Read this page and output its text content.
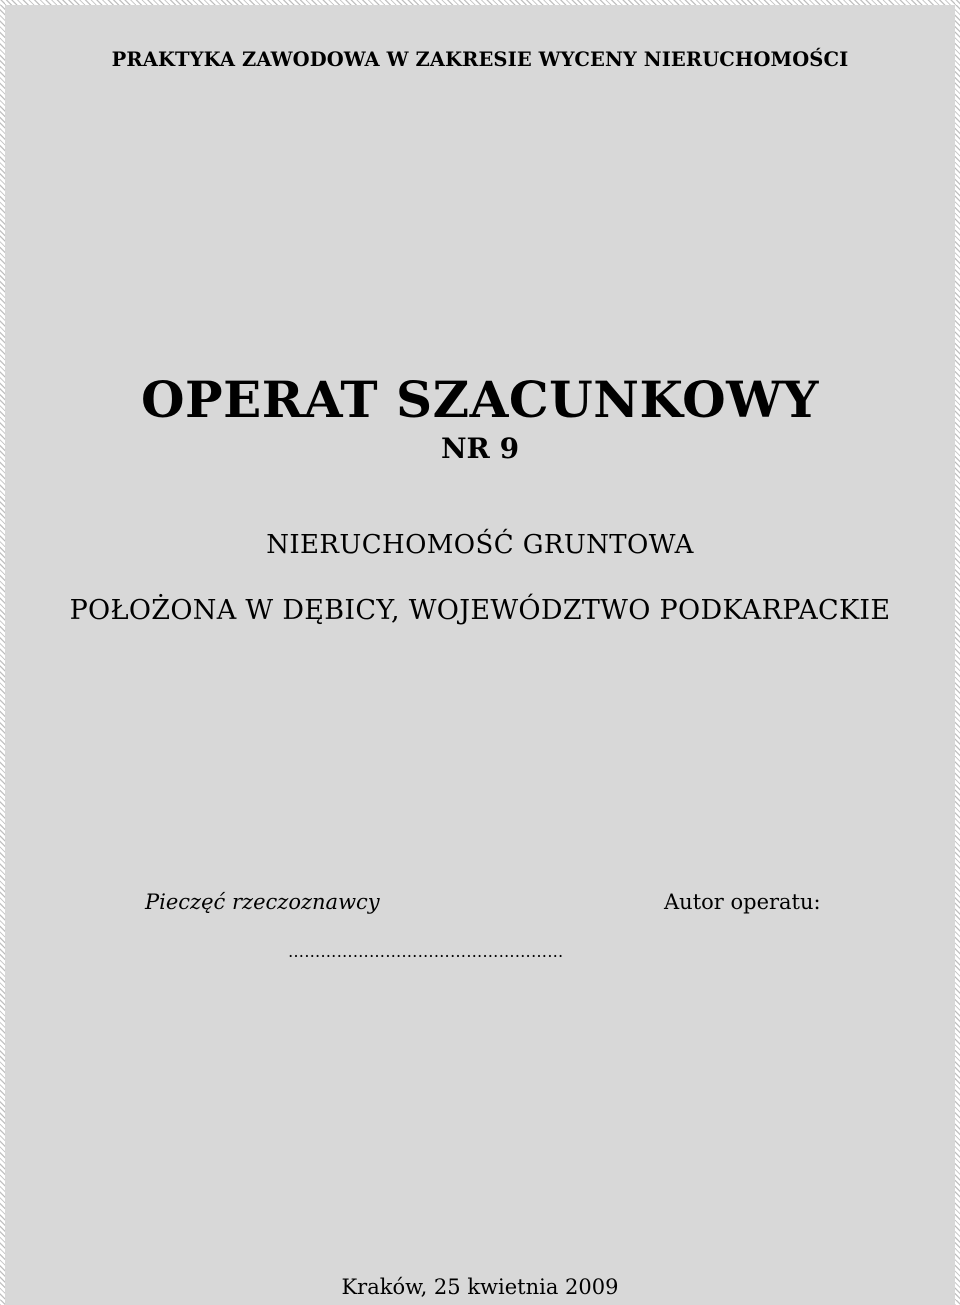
PRAKTYKA ZAWODOWA W ZAKRESIE WYCENY NIERUCHOMOŚCI
OPERAT SZACUNKOWY
NR 9
NIERUCHOMOŚĆ GRUNTOWA
POŁOŻONA W DĘBICY, WOJEWÓDZTWO PODKARPACKIE
Pieczęć rzeczoznawcy	Autor operatu:
……………………………………………
Kraków, 25 kwietnia 2009
